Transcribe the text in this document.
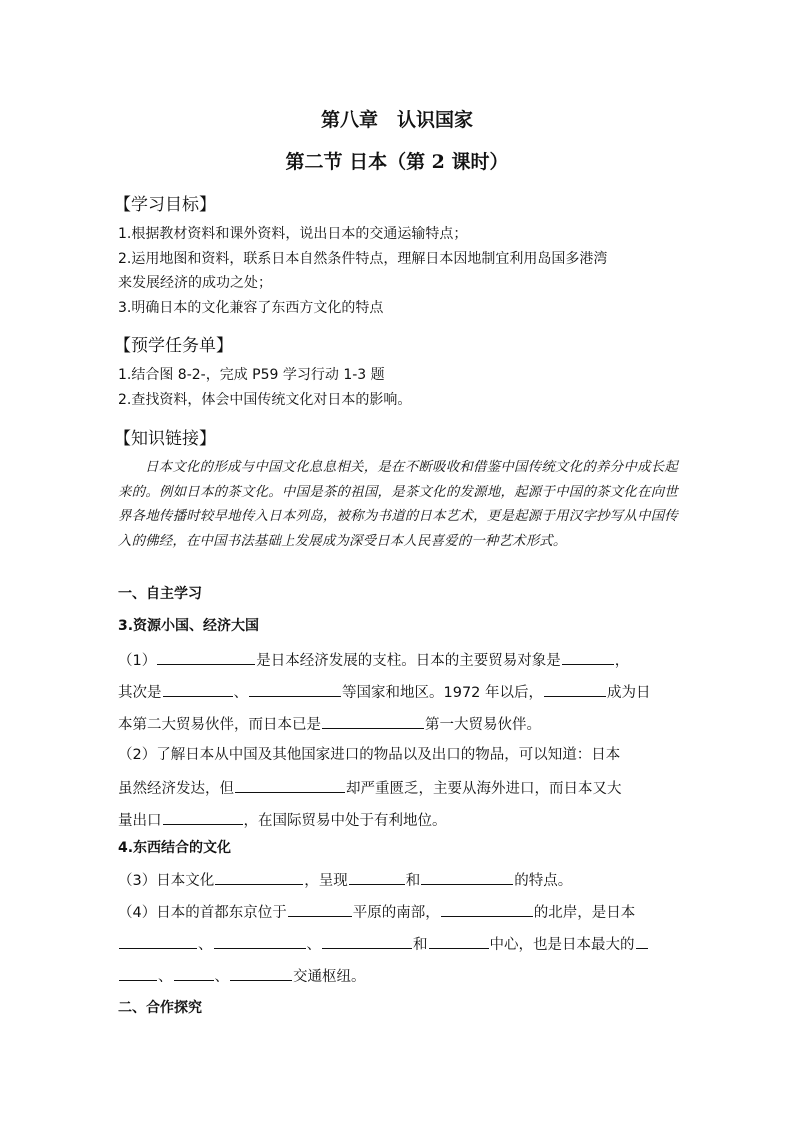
第八章　认识国家
第二节 日本（第 2 课时）
【学习目标】
1.根据教材资料和课外资料，说出日本的交通运输特点；
2.运用地图和资料，联系日本自然条件特点，理解日本因地制宜利用岛国多港湾
来发展经济的成功之处；
3.明确日本的文化兼容了东西方文化的特点
【预学任务单】
1.结合图 8-2-，完成 P59 学习行动 1-3 题
2.查找资料，体会中国传统文化对日本的影响。
【知识链接】
日本文化的形成与中国文化息息相关，是在不断吸收和借鉴中国传统文化的养分中成长起来的。例如日本的茶文化。中国是茶的祖国，是茶文化的发源地，起源于中国的茶文化在向世界各地传播时较早地传入日本列岛，被称为书道的日本艺术，更是起源于用汉字抄写从中国传入的佛经，在中国书法基础上发展成为深受日本人民喜爱的一种艺术形式。
一、自主学习
3.资源小国、经济大国
（1）	是日本经济发展的支柱。日本的主要贸易对象是	，
其次是	、	等国家和地区。1972 年以后，	成为日
本第二大贸易伙伴，而日本已是	第一大贸易伙伴。
（2）了解日本从中国及其他国家进口的物品以及出口的物品，可以知道：日本
虽然经济发达，但	却严重匮乏，主要从海外进口，而日本又大
量出口	，在国际贸易中处于有利地位。
4.东西结合的文化
（3）日本文化	，呈现	和	的特点。
（4）日本的首都东京位于	平原的南部，	的北岸，是日本
、	、	和	中心，也是日本最大的
、	、	交通枢纽。
二、合作探究
